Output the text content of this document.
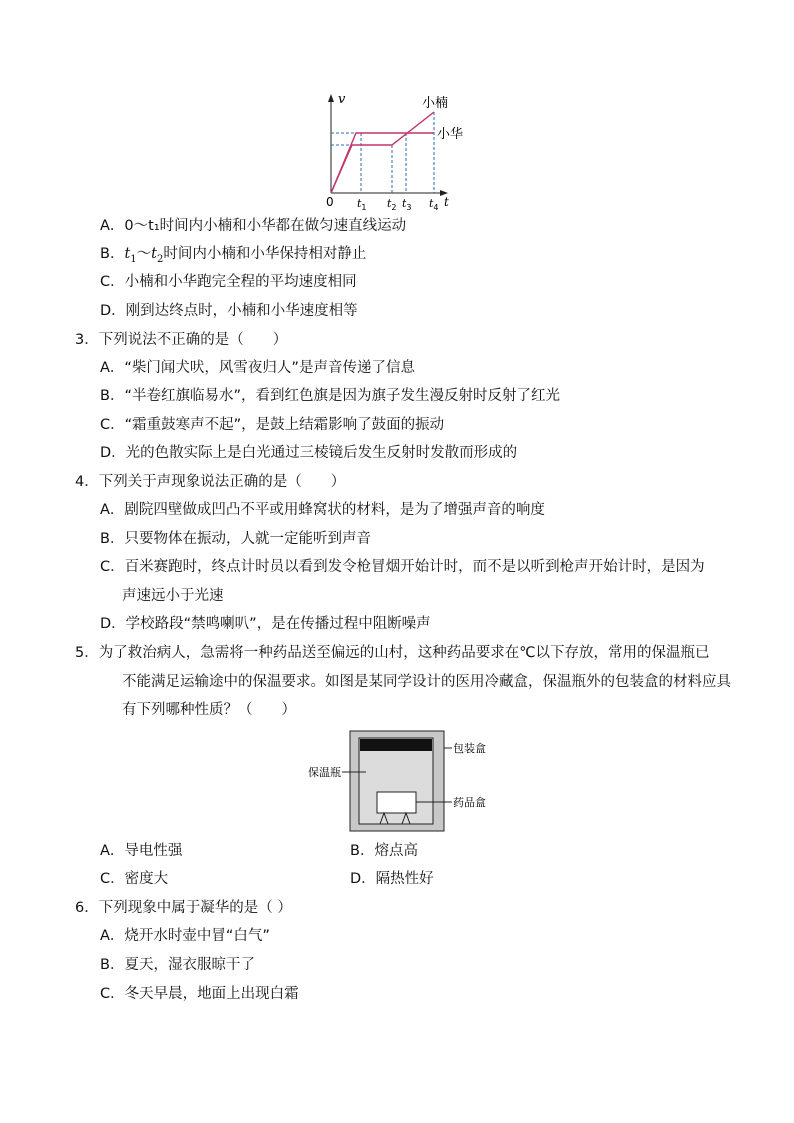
v
0 $t_1$ $t_2$ $t_3$ $t_4$ t
小楠
小华
A．0～t₁时间内小楠和小华都在做匀速直线运动
B．$t_1\sim t_2$时间内小楠和小华保持相对静止
C．小楠和小华跑完全程的平均速度相同
D．刚到达终点时，小楠和小华速度相等
3．下列说法不正确的是（　　）
A．“柴门闻犬吠，风雪夜归人”是声音传递了信息
B．“半卷红旗临易水”，看到红色旗是因为旗子发生漫反射时反射了红光
C．“霜重鼓寒声不起”，是鼓上结霜影响了鼓面的振动
D．光的色散实际上是白光通过三棱镜后发生反射时发散而形成的
4．下列关于声现象说法正确的是（　　）
A．剧院四壁做成凹凸不平或用蜂窝状的材料，是为了增强声音的响度
B．只要物体在振动，人就一定能听到声音
C．百米赛跑时，终点计时员以看到发令枪冒烟开始计时，而不是以听到枪声开始计时，是因为
声速远小于光速
D．学校路段“禁鸣喇叭”，是在传播过程中阻断噪声
5．为了救治病人，急需将一种药品送至偏远的山村，这种药品要求在℃以下存放，常用的保温瓶已
不能满足运输途中的保温要求。如图是某同学设计的医用冷藏盒，保温瓶外的包装盒的材料应具
有下列哪种性质？（　　）
包装盒
保温瓶
药品盒
A．导电性强	B．熔点高
C．密度大	D．隔热性好
6．下列现象中属于凝华的是（ ）
A．烧开水时壶中冒“白气”
B．夏天，湿衣服晾干了
C．冬天早晨，地面上出现白霜
